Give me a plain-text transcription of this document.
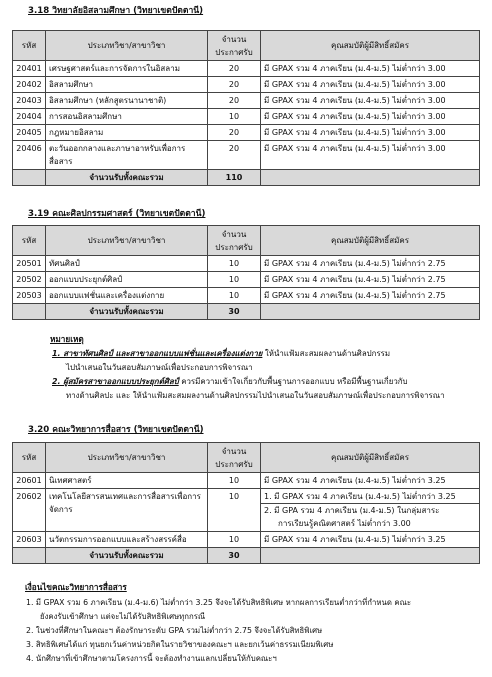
3.18 วิทยาลัยอิสลามศึกษา (วิทยาเขตปัตตานี)
รหัส	ประเภทวิชา/สาขาวิชา	จำนวนประกาศรับ	คุณสมบัติผู้มีสิทธิ์สมัคร
20401	เศรษฐศาสตร์และการจัดการในอิสลาม	20	มี GPAX รวม 4 ภาคเรียน (ม.4-ม.5) ไม่ต่ำกว่า 3.00
20402	อิสลามศึกษา	20	มี GPAX รวม 4 ภาคเรียน (ม.4-ม.5) ไม่ต่ำกว่า 3.00
20403	อิสลามศึกษา (หลักสูตรนานาชาติ)	20	มี GPAX รวม 4 ภาคเรียน (ม.4-ม.5) ไม่ต่ำกว่า 3.00
20404	การสอนอิสลามศึกษา	10	มี GPAX รวม 4 ภาคเรียน (ม.4-ม.5) ไม่ต่ำกว่า 3.00
20405	กฎหมายอิสลาม	20	มี GPAX รวม 4 ภาคเรียน (ม.4-ม.5) ไม่ต่ำกว่า 3.00
20406	ตะวันออกกลางและภาษาอาหรับเพื่อการสื่อสาร	20	มี GPAX รวม 4 ภาคเรียน (ม.4-ม.5) ไม่ต่ำกว่า 3.00
	จำนวนรับทั้งคณะรวม	110	
3.19 คณะศิลปกรรมศาสตร์ (วิทยาเขตปัตตานี)
รหัส	ประเภทวิชา/สาขาวิชา	จำนวนประกาศรับ	คุณสมบัติผู้มีสิทธิ์สมัคร
20501	ทัศนศิลป์	10	มี GPAX รวม 4 ภาคเรียน (ม.4-ม.5) ไม่ต่ำกว่า 2.75
20502	ออกแบบประยุกต์ศิลป์	10	มี GPAX รวม 4 ภาคเรียน (ม.4-ม.5) ไม่ต่ำกว่า 2.75
20503	ออกแบบแฟชั่นและเครื่องแต่งกาย	10	มี GPAX รวม 4 ภาคเรียน (ม.4-ม.5) ไม่ต่ำกว่า 2.75
	จำนวนรับทั้งคณะรวม	30	
หมายเหตุ
1. สาขาทัศนศิลป์ และสาขาออกแบบแฟชั่นและเครื่องแต่งกาย ให้นำแฟ้มสะสมผลงานด้านศิลปกรรม
ไปนำเสนอในวันสอบสัมภาษณ์เพื่อประกอบการพิจารณา
2. ผู้สมัครสาขาออกแบบประยุกต์ศิลป์ ควรมีความเข้าใจเกี่ยวกับพื้นฐานการออกแบบ หรือมีพื้นฐานเกี่ยวกับ
ทางด้านศิลปะ และ ให้นำแฟ้มสะสมผลงานด้านศิลปกรรมไปนำเสนอในวันสอบสัมภาษณ์เพื่อประกอบการพิจารณา
3.20 คณะวิทยาการสื่อสาร (วิทยาเขตปัตตานี)
รหัส	ประเภทวิชา/สาขาวิชา	จำนวนประกาศรับ	คุณสมบัติผู้มีสิทธิ์สมัคร
20601	นิเทศศาสตร์	10	มี GPAX รวม 4 ภาคเรียน (ม.4-ม.5) ไม่ต่ำกว่า 3.25
20602	เทคโนโลยีสารสนเทศและการสื่อสารเพื่อการจัดการ	10	1. มี GPAX รวม 4 ภาคเรียน (ม.4-ม.5) ไม่ต่ำกว่า 3.25
2. มี GPA รวม 4 ภาคเรียน (ม.4-ม.5) ในกลุ่มสาระ
การเรียนรู้คณิตศาสตร์ ไม่ต่ำกว่า 3.00

20603	นวัตกรรมการออกแบบและสร้างสรรค์สื่อ	10	มี GPAX รวม 4 ภาคเรียน (ม.4-ม.5) ไม่ต่ำกว่า 3.25
	จำนวนรับทั้งคณะรวม	30	
เงื่อนไขคณะวิทยาการสื่อสาร
1. มี GPAX รวม 6 ภาคเรียน (ม.4-ม.6) ไม่ต่ำกว่า 3.25 จึงจะได้รับสิทธิพิเศษ หากผลการเรียนต่ำกว่าที่กำหนด คณะ
ยังคงรับเข้าศึกษา แต่จะไม่ได้รับสิทธิพิเศษทุกกรณี
2. ในช่วงที่ศึกษาในคณะฯ ต้องรักษาระดับ GPA รวมไม่ต่ำกว่า 2.75 จึงจะได้รับสิทธิพิเศษ
3. สิทธิพิเศษได้แก่ ทุนยกเว้นค่าหน่วยกิตในรายวิชาของคณะฯ และยกเว้นค่าธรรมเนียมพิเศษ
4. นักศึกษาที่เข้าศึกษาตามโครงการนี้ จะต้องทำงานแลกเปลี่ยนให้กับคณะฯ
